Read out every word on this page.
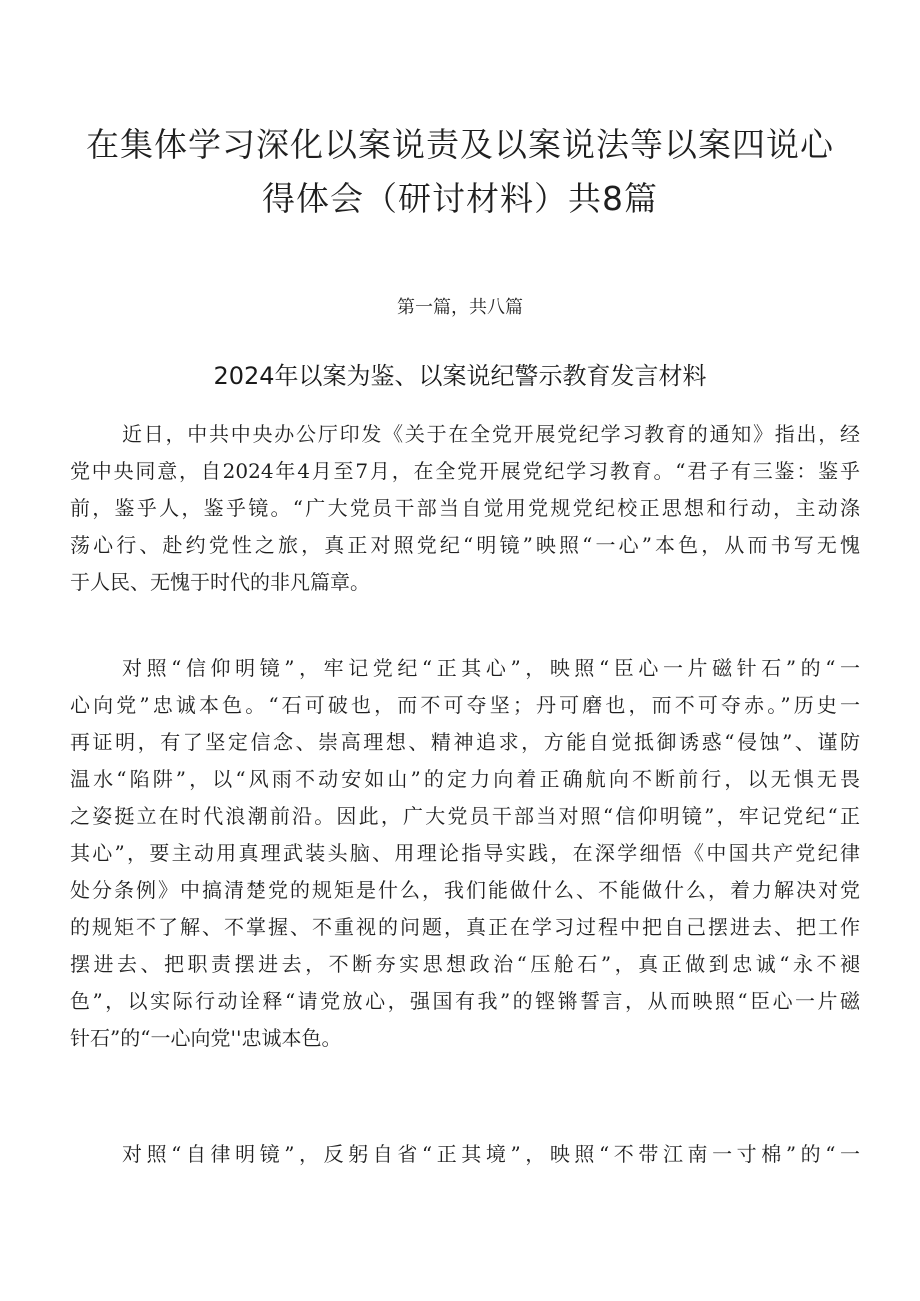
在集体学习深化以案说责及以案说法等以案四说心
得体会（研讨材料）共8篇
第一篇，共八篇
2024年以案为鉴、以案说纪警示教育发言材料

近日，中共中央办公厅印发《关于在全党开展党纪学习教育的通知》指出，经
党中央同意，自2024年4月至7月，在全党开展党纪学习教育。“君子有三鉴：鉴乎
前，鉴乎人，鉴乎镜。“广大党员干部当自觉用党规党纪校正思想和行动，主动涤
荡心行、赴约党性之旅，真正对照党纪“明镜”映照“一心”本色，从而书写无愧
于人民、无愧于时代的非凡篇章。

对照“信仰明镜”，牢记党纪“正其心”，映照“臣心一片磁针石”的“一
心向党”忠诚本色。“石可破也，而不可夺坚；丹可磨也，而不可夺赤。”历史一
再证明，有了坚定信念、崇高理想、精神追求，方能自觉抵御诱惑“侵蚀”、谨防
温水“陷阱”，以“风雨不动安如山”的定力向着正确航向不断前行，以无惧无畏
之姿挺立在时代浪潮前沿。因此，广大党员干部当对照“信仰明镜”，牢记党纪“正
其心”，要主动用真理武装头脑、用理论指导实践，在深学细悟《中国共产党纪律
处分条例》中搞清楚党的规矩是什么，我们能做什么、不能做什么，着力解决对党
的规矩不了解、不掌握、不重视的问题，真正在学习过程中把自己摆进去、把工作
摆进去、把职责摆进去，不断夯实思想政治“压舱石”，真正做到忠诚“永不褪
色”，以实际行动诠释“请党放心，强国有我”的铿锵誓言，从而映照“臣心一片磁
针石”的“一心向党''忠诚本色。

对照“自律明镜”，反躬自省“正其境”，映照“不带江南一寸棉”的“一
